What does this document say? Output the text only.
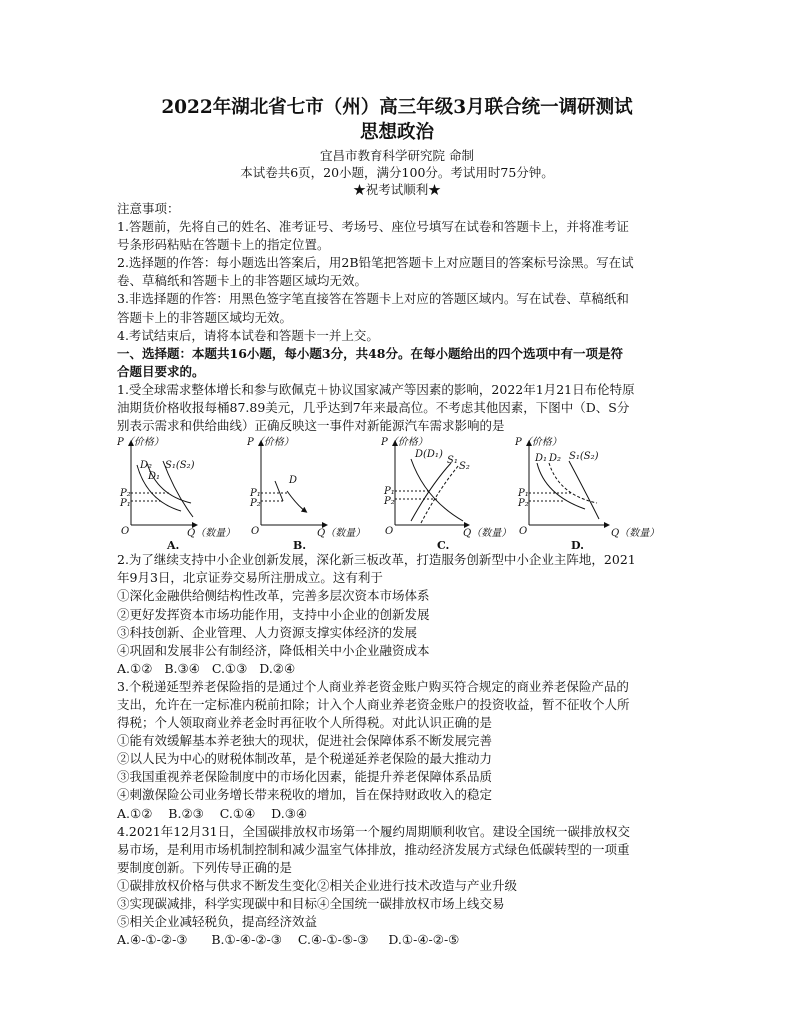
2022年湖北省七市（州）高三年级3月联合统一调研测试
思想政治
宜昌市教育科学研究院 命制
本试卷共6页，20小题，满分100分。考试用时75分钟。
★祝考试顺利★
注意事项：
1.答题前，先将自己的姓名、准考证号、考场号、座位号填写在试卷和答题卡上，并将准考证
号条形码粘贴在答题卡上的指定位置。
2.选择题的作答：每小题选出答案后，用2B铅笔把答题卡上对应题目的答案标号涂黑。写在试
卷、草稿纸和答题卡上的非答题区域均无效。
3.非选择题的作答：用黑色签字笔直接答在答题卡上对应的答题区域内。写在试卷、草稿纸和
答题卡上的非答题区域均无效。
4.考试结束后，请将本试卷和答题卡一并上交。
一、选择题：本题共16小题，每小题3分，共48分。在每小题给出的四个选项中有一项是符
合题目要求的。
1.受全球需求整体增长和参与欧佩克＋协议国家减产等因素的影响，2022年1月21日布伦特原
油期货价格收报每桶87.89美元，几乎达到7年来最高位。不考虑其他因素，下图中（D、S分
别表示需求和供给曲线）正确反映这一事件对新能源汽车需求影响的是
P（价格）
D₂
D₁
S₁(S₂)
P₂
P₁
O	Q（数量）
A.
P（价格）
D
P₁
P₂
O	Q（数量）
B.
P（价格）
D(D₁)
S₁
S₂
P₁
P₂
O	Q（数量）
C.
P（价格）
D₁ D₂ S₁(S₂)
P₁
P₂
O	Q（数量）
D.
2.为了继续支持中小企业创新发展，深化新三板改革，打造服务创新型中小企业主阵地，2021
年9月3日，北京证券交易所注册成立。这有利于
①深化金融供给侧结构性改革，完善多层次资本市场体系
②更好发挥资本市场功能作用，支持中小企业的创新发展
③科技创新、企业管理、人力资源支撑实体经济的发展
④巩固和发展非公有制经济，降低相关中小企业融资成本
A.①②   B.③④   C.①③   D.②④
3.个税递延型养老保险指的是通过个人商业养老资金账户购买符合规定的商业养老保险产品的
支出，允许在一定标准内税前扣除；计入个人商业养老资金账户的投资收益，暂不征收个人所
得税；个人领取商业养老金时再征收个人所得税。对此认识正确的是
①能有效缓解基本养老独大的现状，促进社会保障体系不断发展完善
②以人民为中心的财税体制改革，是个税递延养老保险的最大推动力
③我国重视养老保险制度中的市场化因素，能提升养老保障体系品质
④刺激保险公司业务增长带来税收的增加，旨在保持财政收入的稳定
A.①②    B.②③    C.①④    D.③④
4.2021年12月31日，全国碳排放权市场第一个履约周期顺利收官。建设全国统一碳排放权交
易市场，是利用市场机制控制和减少温室气体排放，推动经济发展方式绿色低碳转型的一项重
要制度创新。下列传导正确的是
①碳排放权价格与供求不断发生变化②相关企业进行技术改造与产业升级
③实现碳减排，科学实现碳中和目标④全国统一碳排放权市场上线交易
⑤相关企业减轻税负，提高经济效益
A.④-①-②-③      B.①-④-②-③    C.④-①-⑤-③     D.①-④-②-⑤
